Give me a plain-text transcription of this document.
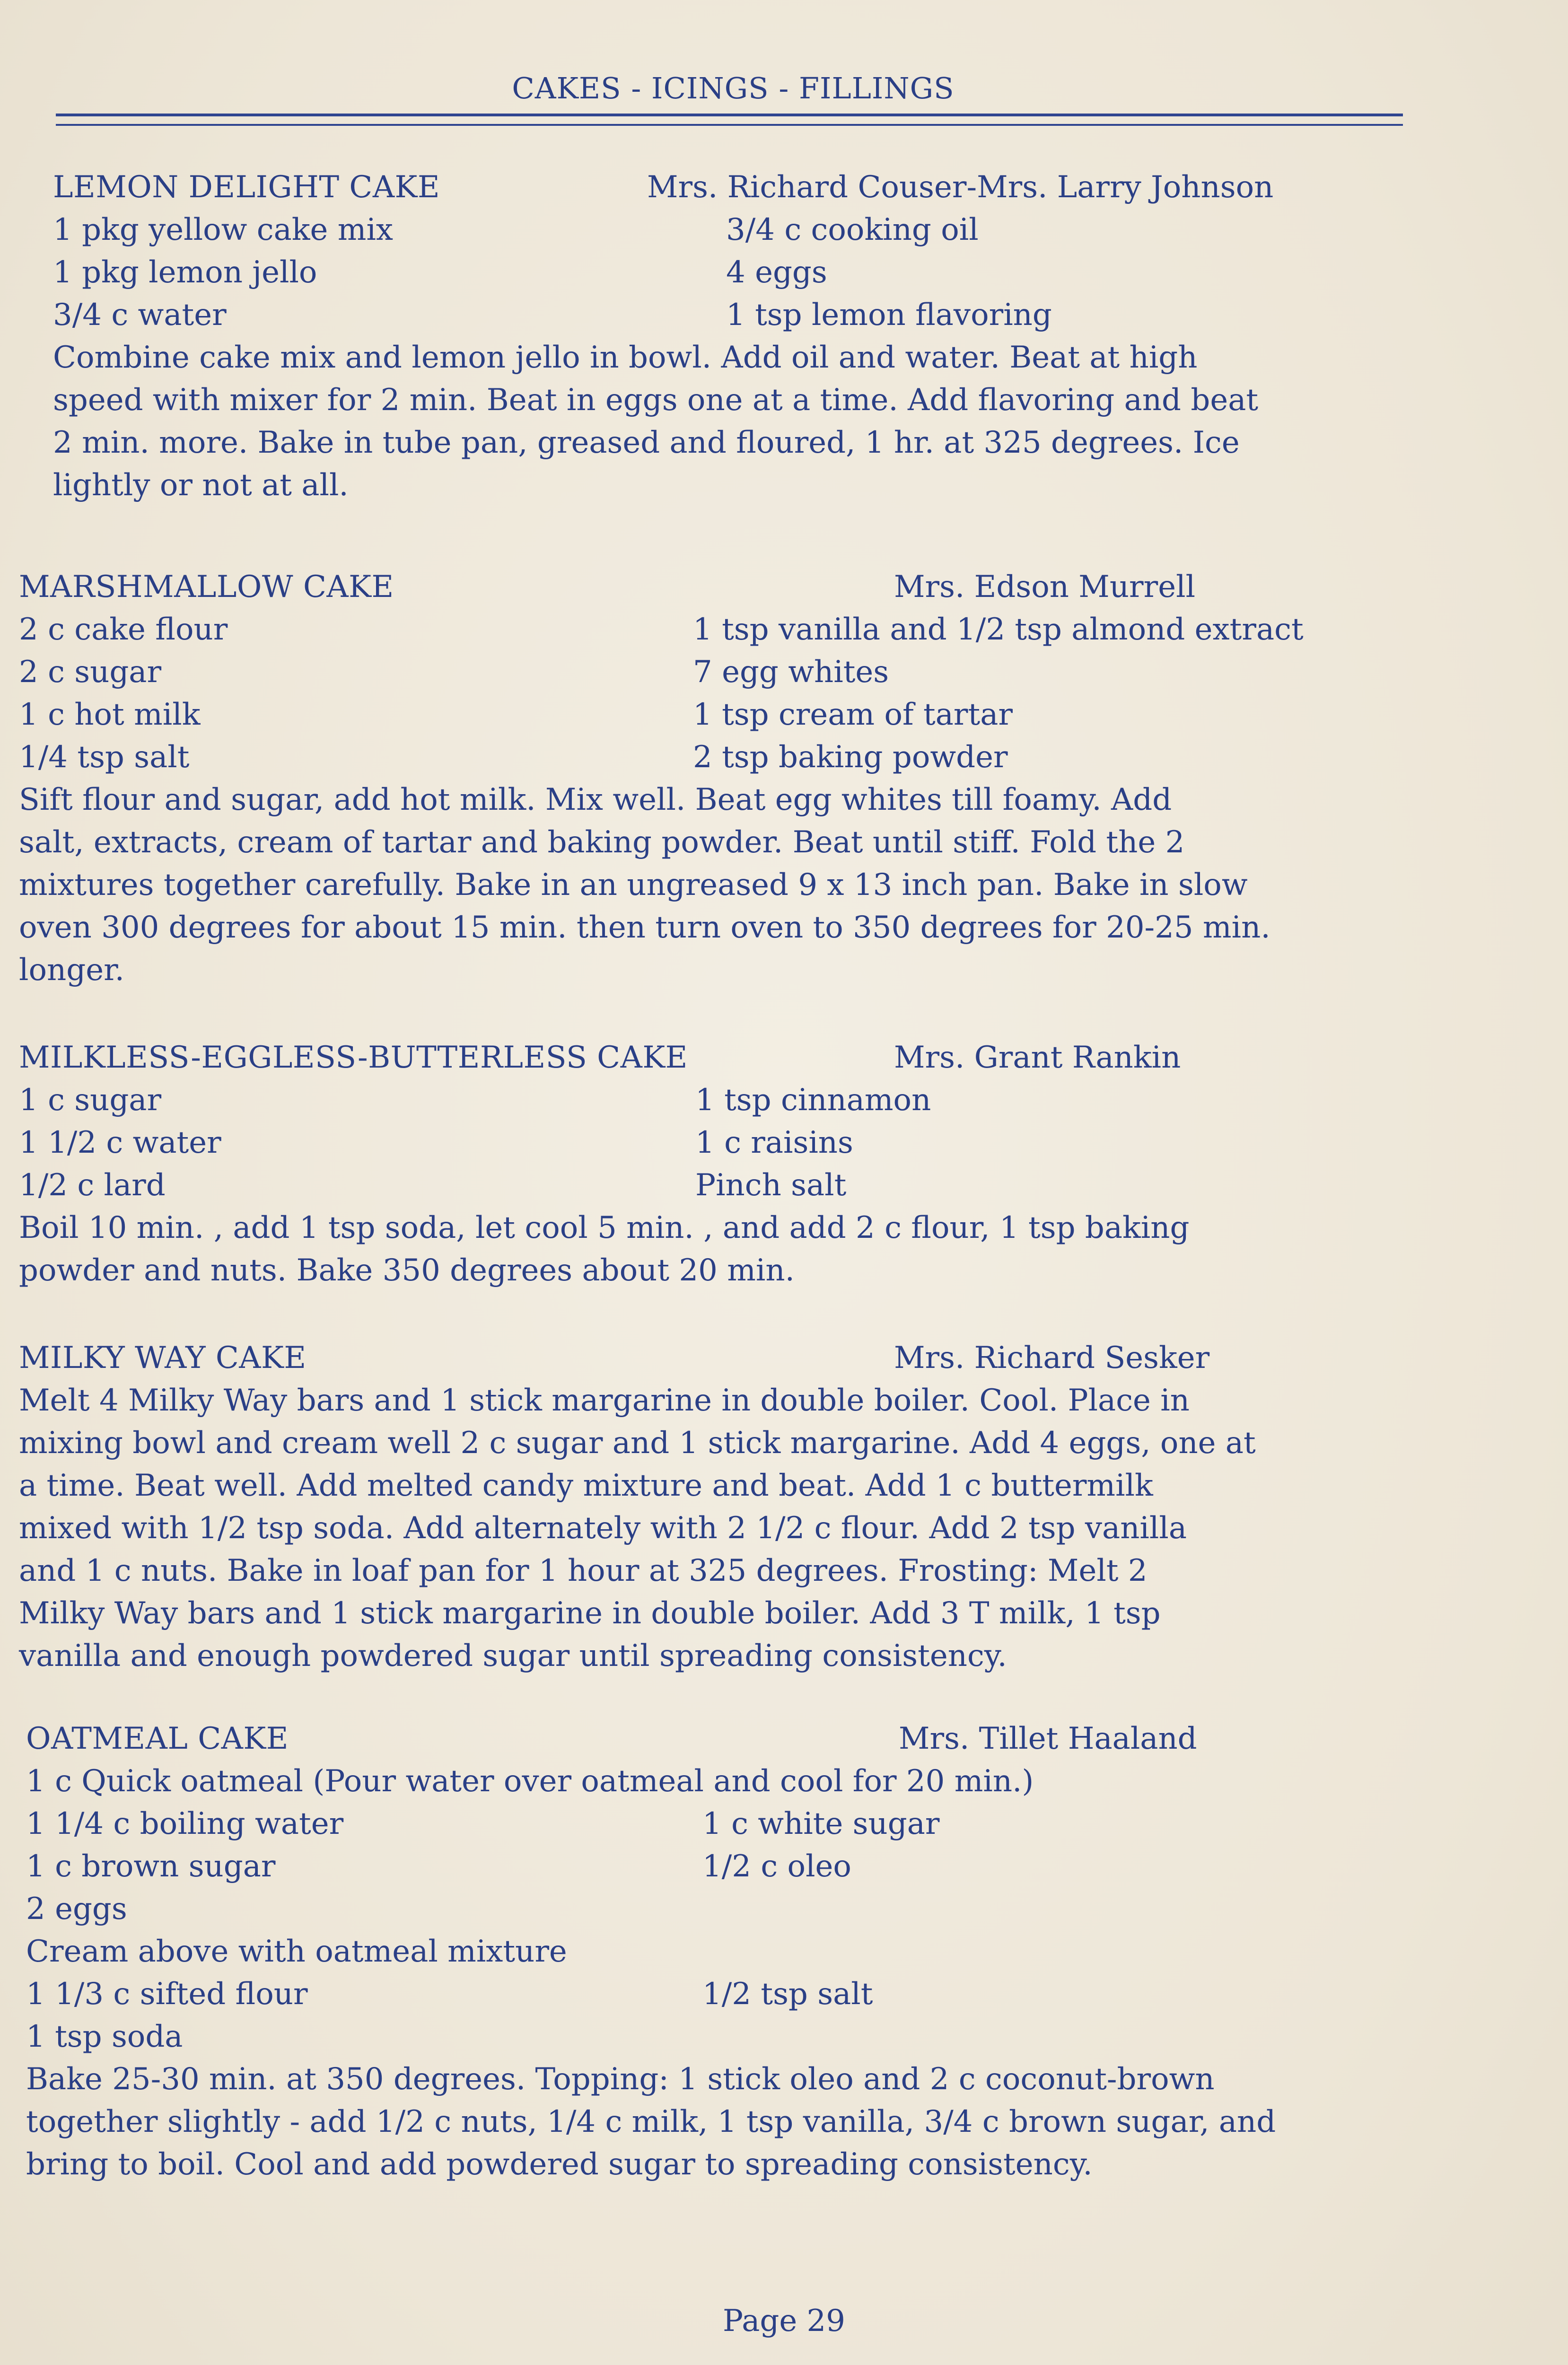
CAKES - ICINGS - FILLINGS
LEMON DELIGHT CAKE	Mrs. Richard Couser-Mrs. Larry Johnson
1 pkg yellow cake mix	3/4 c cooking oil
1 pkg lemon jello	4 eggs
3/4 c water	1 tsp lemon flavoring
Combine cake mix and lemon jello in bowl. Add oil and water. Beat at high
speed with mixer for 2 min. Beat in eggs one at a time. Add flavoring and beat
2 min. more. Bake in tube pan, greased and floured, 1 hr. at 325 degrees. Ice
lightly or not at all.
MARSHMALLOW CAKE	Mrs. Edson Murrell
2 c cake flour	1 tsp vanilla and 1/2 tsp almond extract
2 c sugar	7 egg whites
1 c hot milk	1 tsp cream of tartar
1/4 tsp salt	2 tsp baking powder
Sift flour and sugar, add hot milk. Mix well. Beat egg whites till foamy. Add
salt, extracts, cream of tartar and baking powder. Beat until stiff. Fold the 2
mixtures together carefully. Bake in an ungreased 9 x 13 inch pan. Bake in slow
oven 300 degrees for about 15 min. then turn oven to 350 degrees for 20-25 min.
longer.
MILKLESS-EGGLESS-BUTTERLESS CAKE	Mrs. Grant Rankin
1 c sugar	1 tsp cinnamon
1 1/2 c water	1 c raisins
1/2 c lard	Pinch salt
Boil 10 min. , add 1 tsp soda, let cool 5 min. , and add 2 c flour, 1 tsp baking
powder and nuts. Bake 350 degrees about 20 min.
MILKY WAY CAKE	Mrs. Richard Sesker
Melt 4 Milky Way bars and 1 stick margarine in double boiler. Cool. Place in
mixing bowl and cream well 2 c sugar and 1 stick margarine. Add 4 eggs, one at
a time. Beat well. Add melted candy mixture and beat. Add 1 c buttermilk
mixed with 1/2 tsp soda. Add alternately with 2 1/2 c flour. Add 2 tsp vanilla
and 1 c nuts. Bake in loaf pan for 1 hour at 325 degrees. Frosting: Melt 2
Milky Way bars and 1 stick margarine in double boiler. Add 3 T milk, 1 tsp
vanilla and enough powdered sugar until spreading consistency.
OATMEAL CAKE	Mrs. Tillet Haaland
1 c Quick oatmeal (Pour water over oatmeal and cool for 20 min.)
1 1/4 c boiling water	1 c white sugar
1 c brown sugar	1/2 c oleo
2 eggs
Cream above with oatmeal mixture
1 1/3 c sifted flour	1/2 tsp salt
1 tsp soda
Bake 25-30 min. at 350 degrees. Topping: 1 stick oleo and 2 c coconut-brown
together slightly - add 1/2 c nuts, 1/4 c milk, 1 tsp vanilla, 3/4 c brown sugar, and
bring to boil. Cool and add powdered sugar to spreading consistency.
Page 29
